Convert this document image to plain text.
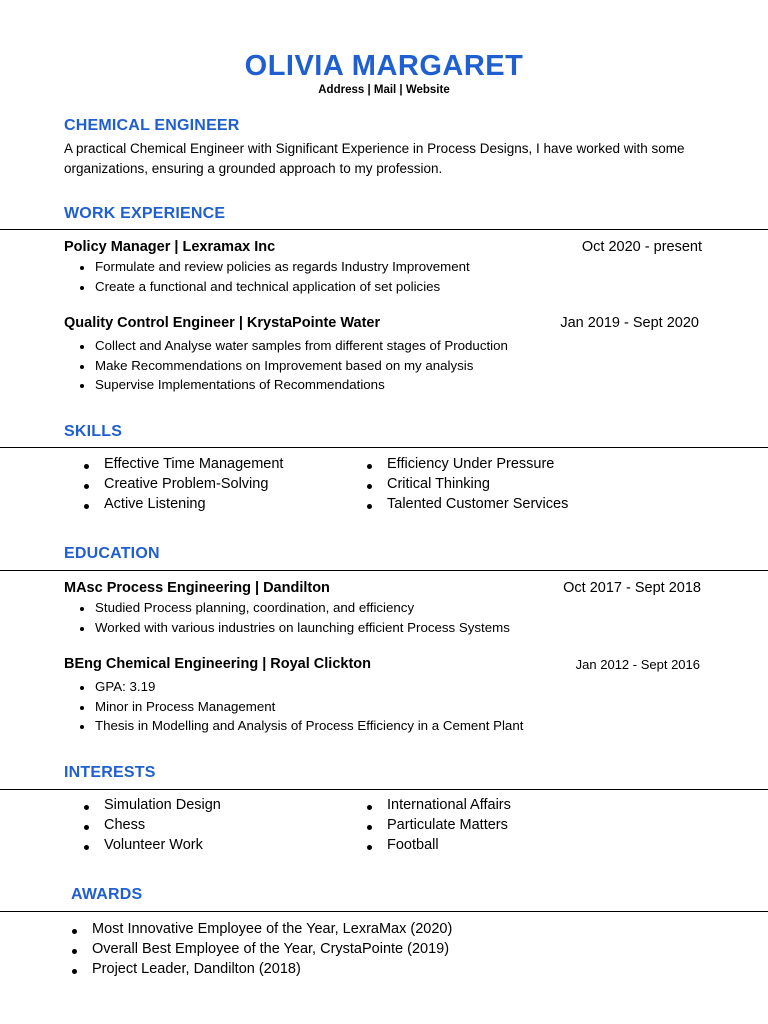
OLIVIA MARGARET
Address | Mail | Website
CHEMICAL ENGINEER
A practical Chemical Engineer with Significant Experience in Process Designs, I have worked with some organizations, ensuring a grounded approach to my profession.
WORK EXPERIENCE
Policy Manager | Lexramax Inc	Oct 2020 - present
Formulate and review policies as regards Industry Improvement
Create a functional and technical application of set policies
Quality Control Engineer | KrystaPointe Water	Jan 2019 - Sept 2020
Collect and Analyse water samples from different stages of Production
Make Recommendations on Improvement based on my analysis
Supervise Implementations of Recommendations
SKILLS
Effective Time Management
Creative Problem-Solving
Active Listening
Efficiency Under Pressure
Critical Thinking
Talented Customer Services
EDUCATION
MAsc Process Engineering | Dandilton	Oct 2017 - Sept 2018
Studied Process planning, coordination, and efficiency
Worked with various industries on launching efficient Process Systems
BEng Chemical Engineering | Royal Clickton	Jan 2012 - Sept 2016
GPA: 3.19
Minor in Process Management
Thesis in Modelling and Analysis of Process Efficiency in a Cement Plant
INTERESTS
Simulation Design
Chess
Volunteer Work
International Affairs
Particulate Matters
Football
AWARDS
Most Innovative Employee of the Year, LexraMax (2020)
Overall Best Employee of the Year, CrystaPointe (2019)
Project Leader, Dandilton (2018)
